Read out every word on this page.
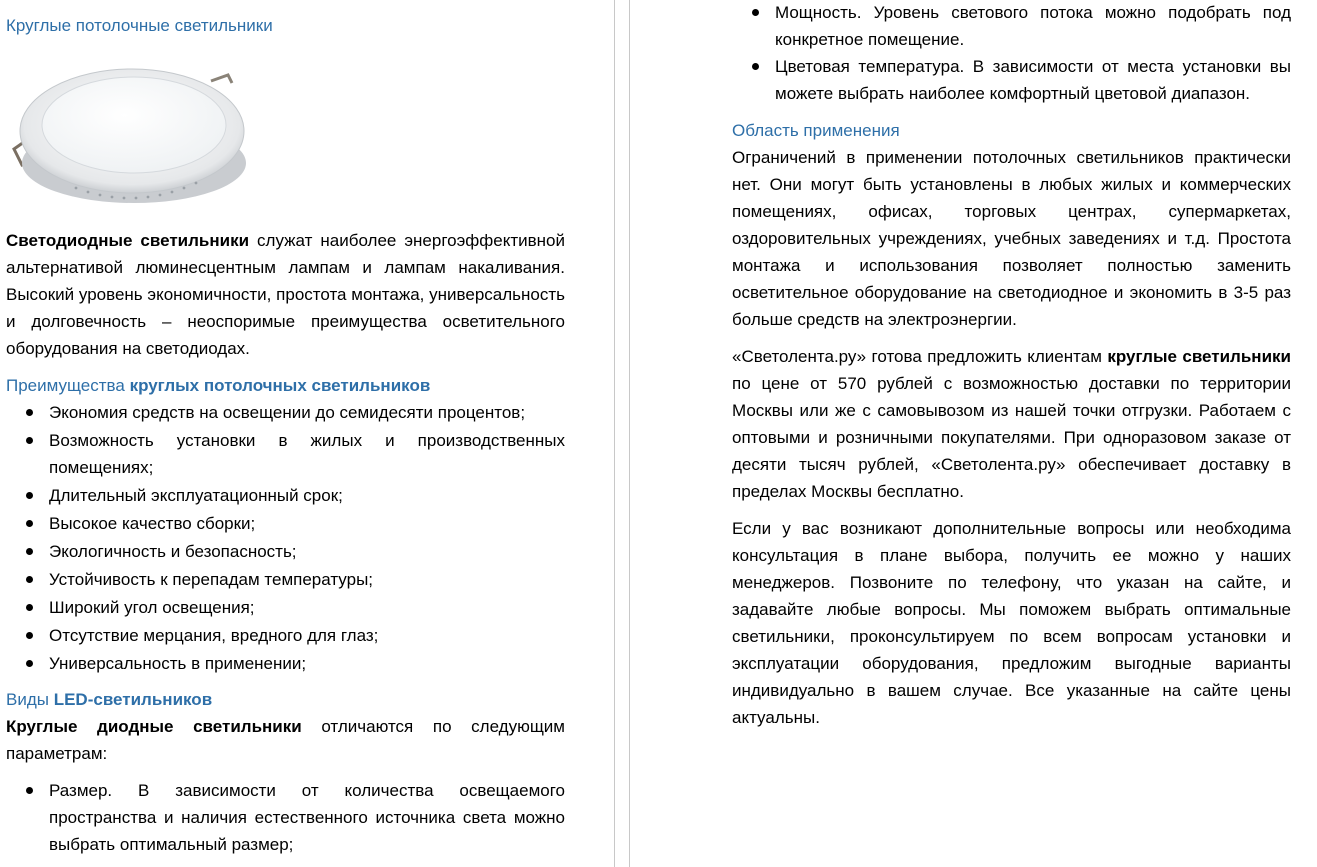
Круглые потолочные светильники

Светодиодные светильники служат наиболее энергоэффективной альтернативой люминесцентным лампам и лампам накаливания. Высокий уровень экономичности, простота монтажа, универсальность и долговечность – неоспоримые преимущества осветительного оборудования на светодиодах.

Преимущества круглых потолочных светильников
Экономия средств на освещении до семидесяти процентов;
Возможность установки в жилых и производственных помещениях;
Длительный эксплуатационный срок;
Высокое качество сборки;
Экологичность и безопасность;
Устойчивость к перепадам температуры;
Широкий угол освещения;
Отсутствие мерцания, вредного для глаз;
Универсальность в применении;
Виды LED-светильников

Круглые диодные светильники отличаются по следующим параметрам:

Размер. В зависимости от количества освещаемого пространства и наличия естественного источника света можно выбрать оптимальный размер;
Мощность. Уровень светового потока можно подобрать под конкретное помещение.
Цветовая температура. В зависимости от места установки вы можете выбрать наиболее комфортный цветовой диапазон.
Область применения

Ограничений в применении потолочных светильников практически нет. Они могут быть установлены в любых жилых и коммерческих помещениях, офисах, торговых центрах, супермаркетах, оздоровительных учреждениях, учебных заведениях и т.д. Простота монтажа и использования позволяет полностью заменить осветительное оборудование на светодиодное и экономить в 3-5 раз больше средств на электроэнергии.

«Светолента.ру» готова предложить клиентам круглые светильники по цене от 570 рублей с возможностью доставки по территории Москвы или же с самовывозом из нашей точки отгрузки. Работаем с оптовыми и розничными покупателями. При одноразовом заказе от десяти тысяч рублей, «Светолента.ру» обеспечивает доставку в пределах Москвы бесплатно.

Если у вас возникают дополнительные вопросы или необходима консультация в плане выбора, получить ее можно у наших менеджеров. Позвоните по телефону, что указан на сайте, и задавайте любые вопросы. Мы поможем выбрать оптимальные светильники, проконсультируем по всем вопросам установки и эксплуатации оборудования, предложим выгодные варианты индивидуально в вашем случае. Все указанные на сайте цены актуальны.
